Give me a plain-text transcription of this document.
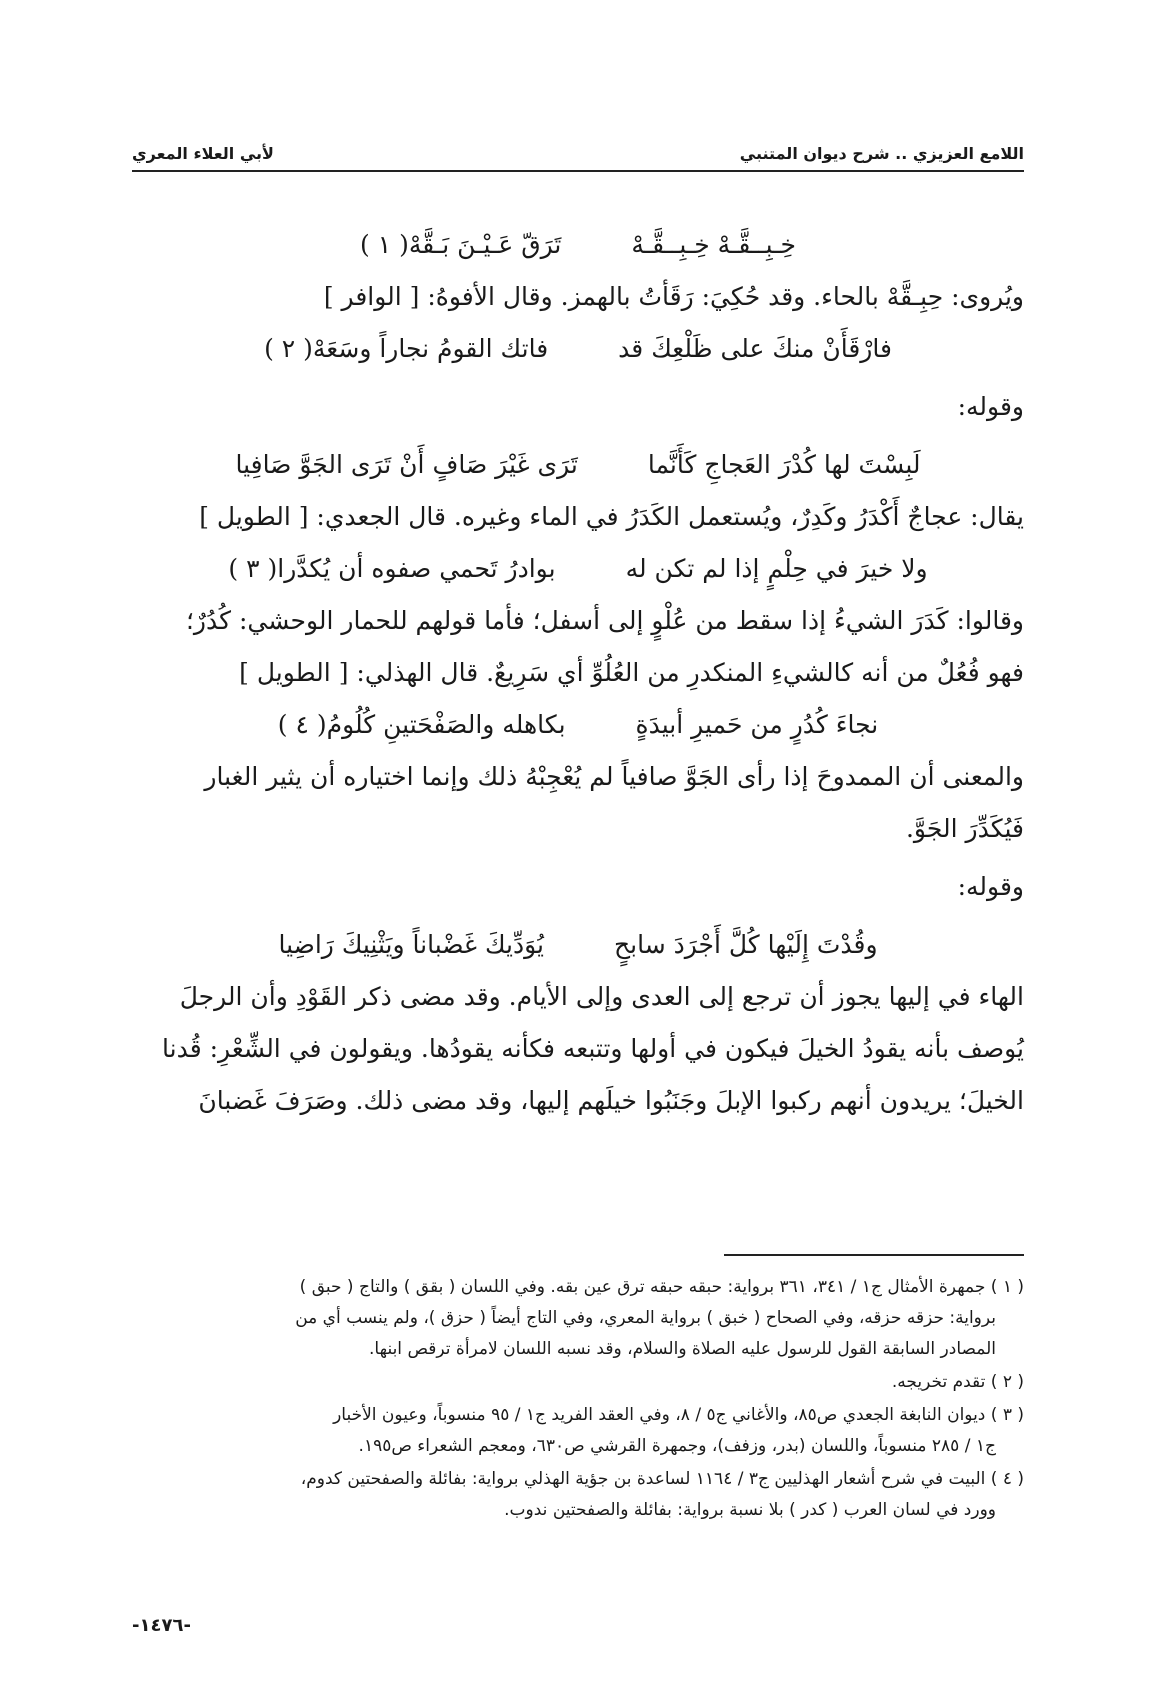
اللامع العزيزي .. شرح ديوان المتنبي
لأبي العلاء المعري
خِـبِــقَّـهْ خِـبِــقَّـهْ
تَرَقّ عَـيْـنَ بَـقَّهْ( ١ )
ويُروى: حِبِـقَّهْ بالحاء. وقد حُكِيَ: رَقَأتُ بالهمز. وقال الأفوهُ: [ الوافر ]
فارْقَأَنْ منكَ على ظَلْعِكَ قد
فاتك القومُ نجاراً وسَعَهْ( ٢ )
وقوله:
لَبِسْتَ لها كُدْرَ العَجاجِ كَأَنَّما
تَرَى غَيْرَ صَافٍ أَنْ تَرَى الجَوَّ صَافِيا
يقال: عجاجٌ أَكْدَرُ وكَدِرٌ، ويُستعمل الكَدَرُ في الماء وغيره. قال الجعدي: [ الطويل ]
ولا خيرَ في حِلْمٍ إذا لم تكن له
بوادرُ تَحمي صفوه أن يُكدَّرا( ٣ )
وقالوا: كَدَرَ الشيءُ إذا سقط من عُلْوٍ إلى أسفل؛ فأما قولهم للحمار الوحشي: كُدُرٌ؛
فهو فُعُلٌ من أنه كالشيءِ المنكدرِ من العُلُوِّ أي سَرِيعٌ. قال الهذلي: [ الطويل ]
نجاءَ كُدُرٍ من حَميرِ أبيدَةٍ
بكاهله والصَفْحَتينِ كُلُومُ( ٤ )
والمعنى أن الممدوحَ إذا رأى الجَوَّ صافياً لم يُعْجِبْهُ ذلك وإنما اختياره أن يثير الغبار
فَيُكَدِّرَ الجَوَّ.
وقوله:
وقُدْتَ إِلَيْها كُلَّ أَجْرَدَ سابحٍ
يُوَدِّيكَ غَضْباناً ويَثْنِيكَ رَاضِيا
الهاء في إليها يجوز أن ترجع إلى العدى وإلى الأيام. وقد مضى ذكر القَوْدِ وأن الرجلَ
يُوصف بأنه يقودُ الخيلَ فيكون في أولها وتتبعه فكأنه يقودُها. ويقولون في الشِّعْرِ: قُدنا
الخيلَ؛ يريدون أنهم ركبوا الإبلَ وجَنَبُوا خيلَهم إليها، وقد مضى ذلك. وصَرَفَ غَضبانَ
( ١ ) جمهرة الأمثال ج١ / ٣٤١، ٣٦١ برواية: حبقه حبقه ترق عين بقه. وفي اللسان ( بقق ) والتاج ( حبق )
برواية: حزقه حزقه، وفي الصحاح ( خبق ) برواية المعري، وفي التاج أيضاً ( حزق )، ولم ينسب أي من
المصادر السابقة القول للرسول عليه الصلاة والسلام، وقد نسبه اللسان لامرأة ترقص ابنها.
( ٢ ) تقدم تخريجه.
( ٣ ) ديوان النابغة الجعدي ص٨٥، والأغاني ج٥ / ٨، وفي العقد الفريد ج١ / ٩٥ منسوباً، وعيون الأخبار
ج١ / ٢٨٥ منسوباً، واللسان (بدر، وزفف)، وجمهرة القرشي ص٦٣٠، ومعجم الشعراء ص١٩٥.
( ٤ ) البيت في شرح أشعار الهذليين ج٣ / ١١٦٤ لساعدة بن جؤية الهذلي برواية: بفائلة والصفحتين كدوم،
وورد في لسان العرب ( كدر ) بلا نسبة برواية: بفائلة والصفحتين ندوب.
-١٤٧٦-
